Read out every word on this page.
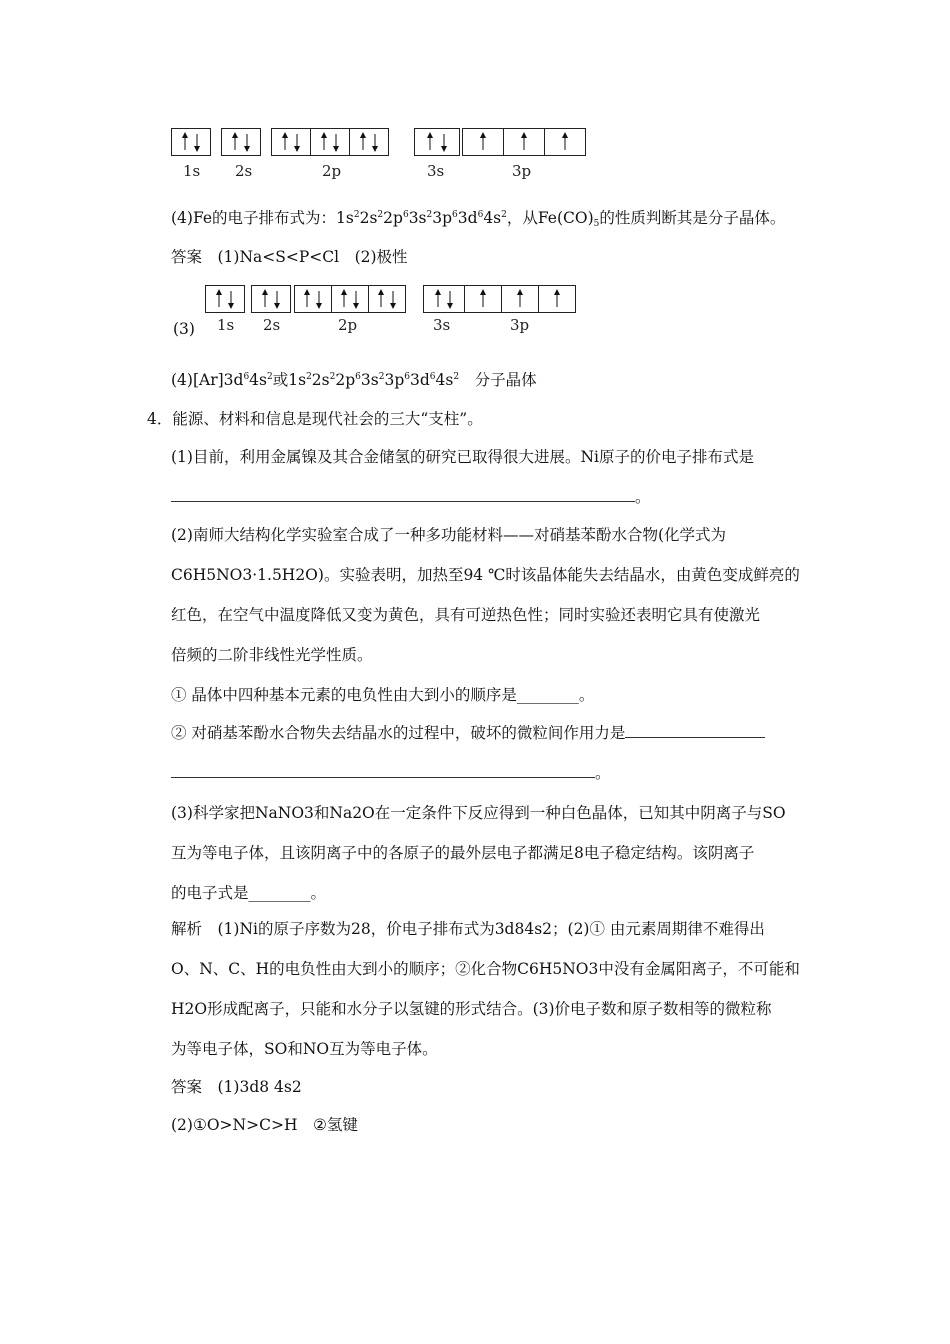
1s 2s	2p	3s	3p
(4)Fe的电子排布式为：$1s^22s^22p^63s^23p^63d^64s^2$，从$Fe(CO)_5$的性质判断其是分子晶体。
答案　(1)Na<S<P<Cl　(2)极性
(3) 1s 2s	2p	3s	3p
$(4)[Ar]3d^64s^2$或$1s^22s^22p^63s^23p^63d^64s^2$　分子晶体
4．能源、材料和信息是现代社会的三大“支柱”。
(1)目前，利用金属镍及其合金储氢的研究已取得很大进展。Ni原子的价电子排布式是
。
(2)南师大结构化学实验室合成了一种多功能材料——对硝基苯酚水合物(化学式为
C6H5NO3·1.5H2O)。实验表明，加热至94 ℃时该晶体能失去结晶水，由黄色变成鲜亮的
红色，在空气中温度降低又变为黄色，具有可逆热色性；同时实验还表明它具有使激光
倍频的二阶非线性光学性质。
① 晶体中四种基本元素的电负性由大到小的顺序是________。
② 对硝基苯酚水合物失去结晶水的过程中，破坏的微粒间作用力是
。
(3)科学家把NaNO3和Na2O在一定条件下反应得到一种白色晶体，已知其中阴离子与SO
互为等电子体，且该阴离子中的各原子的最外层电子都满足8电子稳定结构。该阴离子
的电子式是________。
解析　(1)Ni的原子序数为28，价电子排布式为3d84s2；(2)① 由元素周期律不难得出
O、N、C、H的电负性由大到小的顺序；②化合物C6H5NO3中没有金属阳离子，不可能和
H2O形成配离子，只能和水分子以氢键的形式结合。(3)价电子数和原子数相等的微粒称
为等电子体，SO和NO互为等电子体。
答案　(1)3d8 4s2
(2)①O>N>C>H　②氢键
